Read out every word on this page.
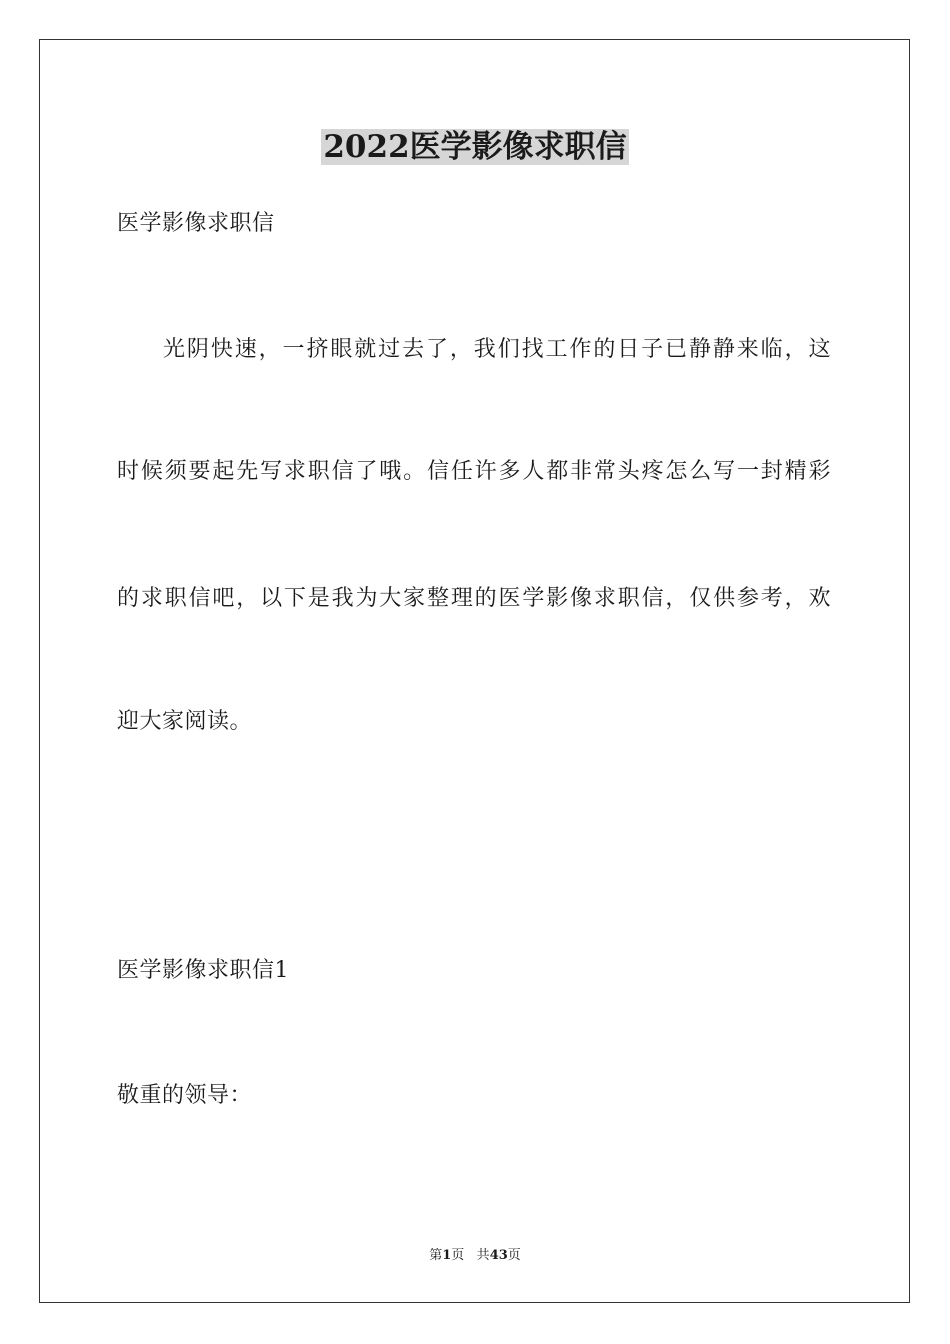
2022医学影像求职信
医学影像求职信
光阴快速，一挤眼就过去了，我们找工作的日子已静静来临，这
时候须要起先写求职信了哦。信任许多人都非常头疼怎么写一封精彩
的求职信吧，以下是我为大家整理的医学影像求职信，仅供参考，欢
迎大家阅读。
医学影像求职信1
敬重的领导：
第1页 共43页
